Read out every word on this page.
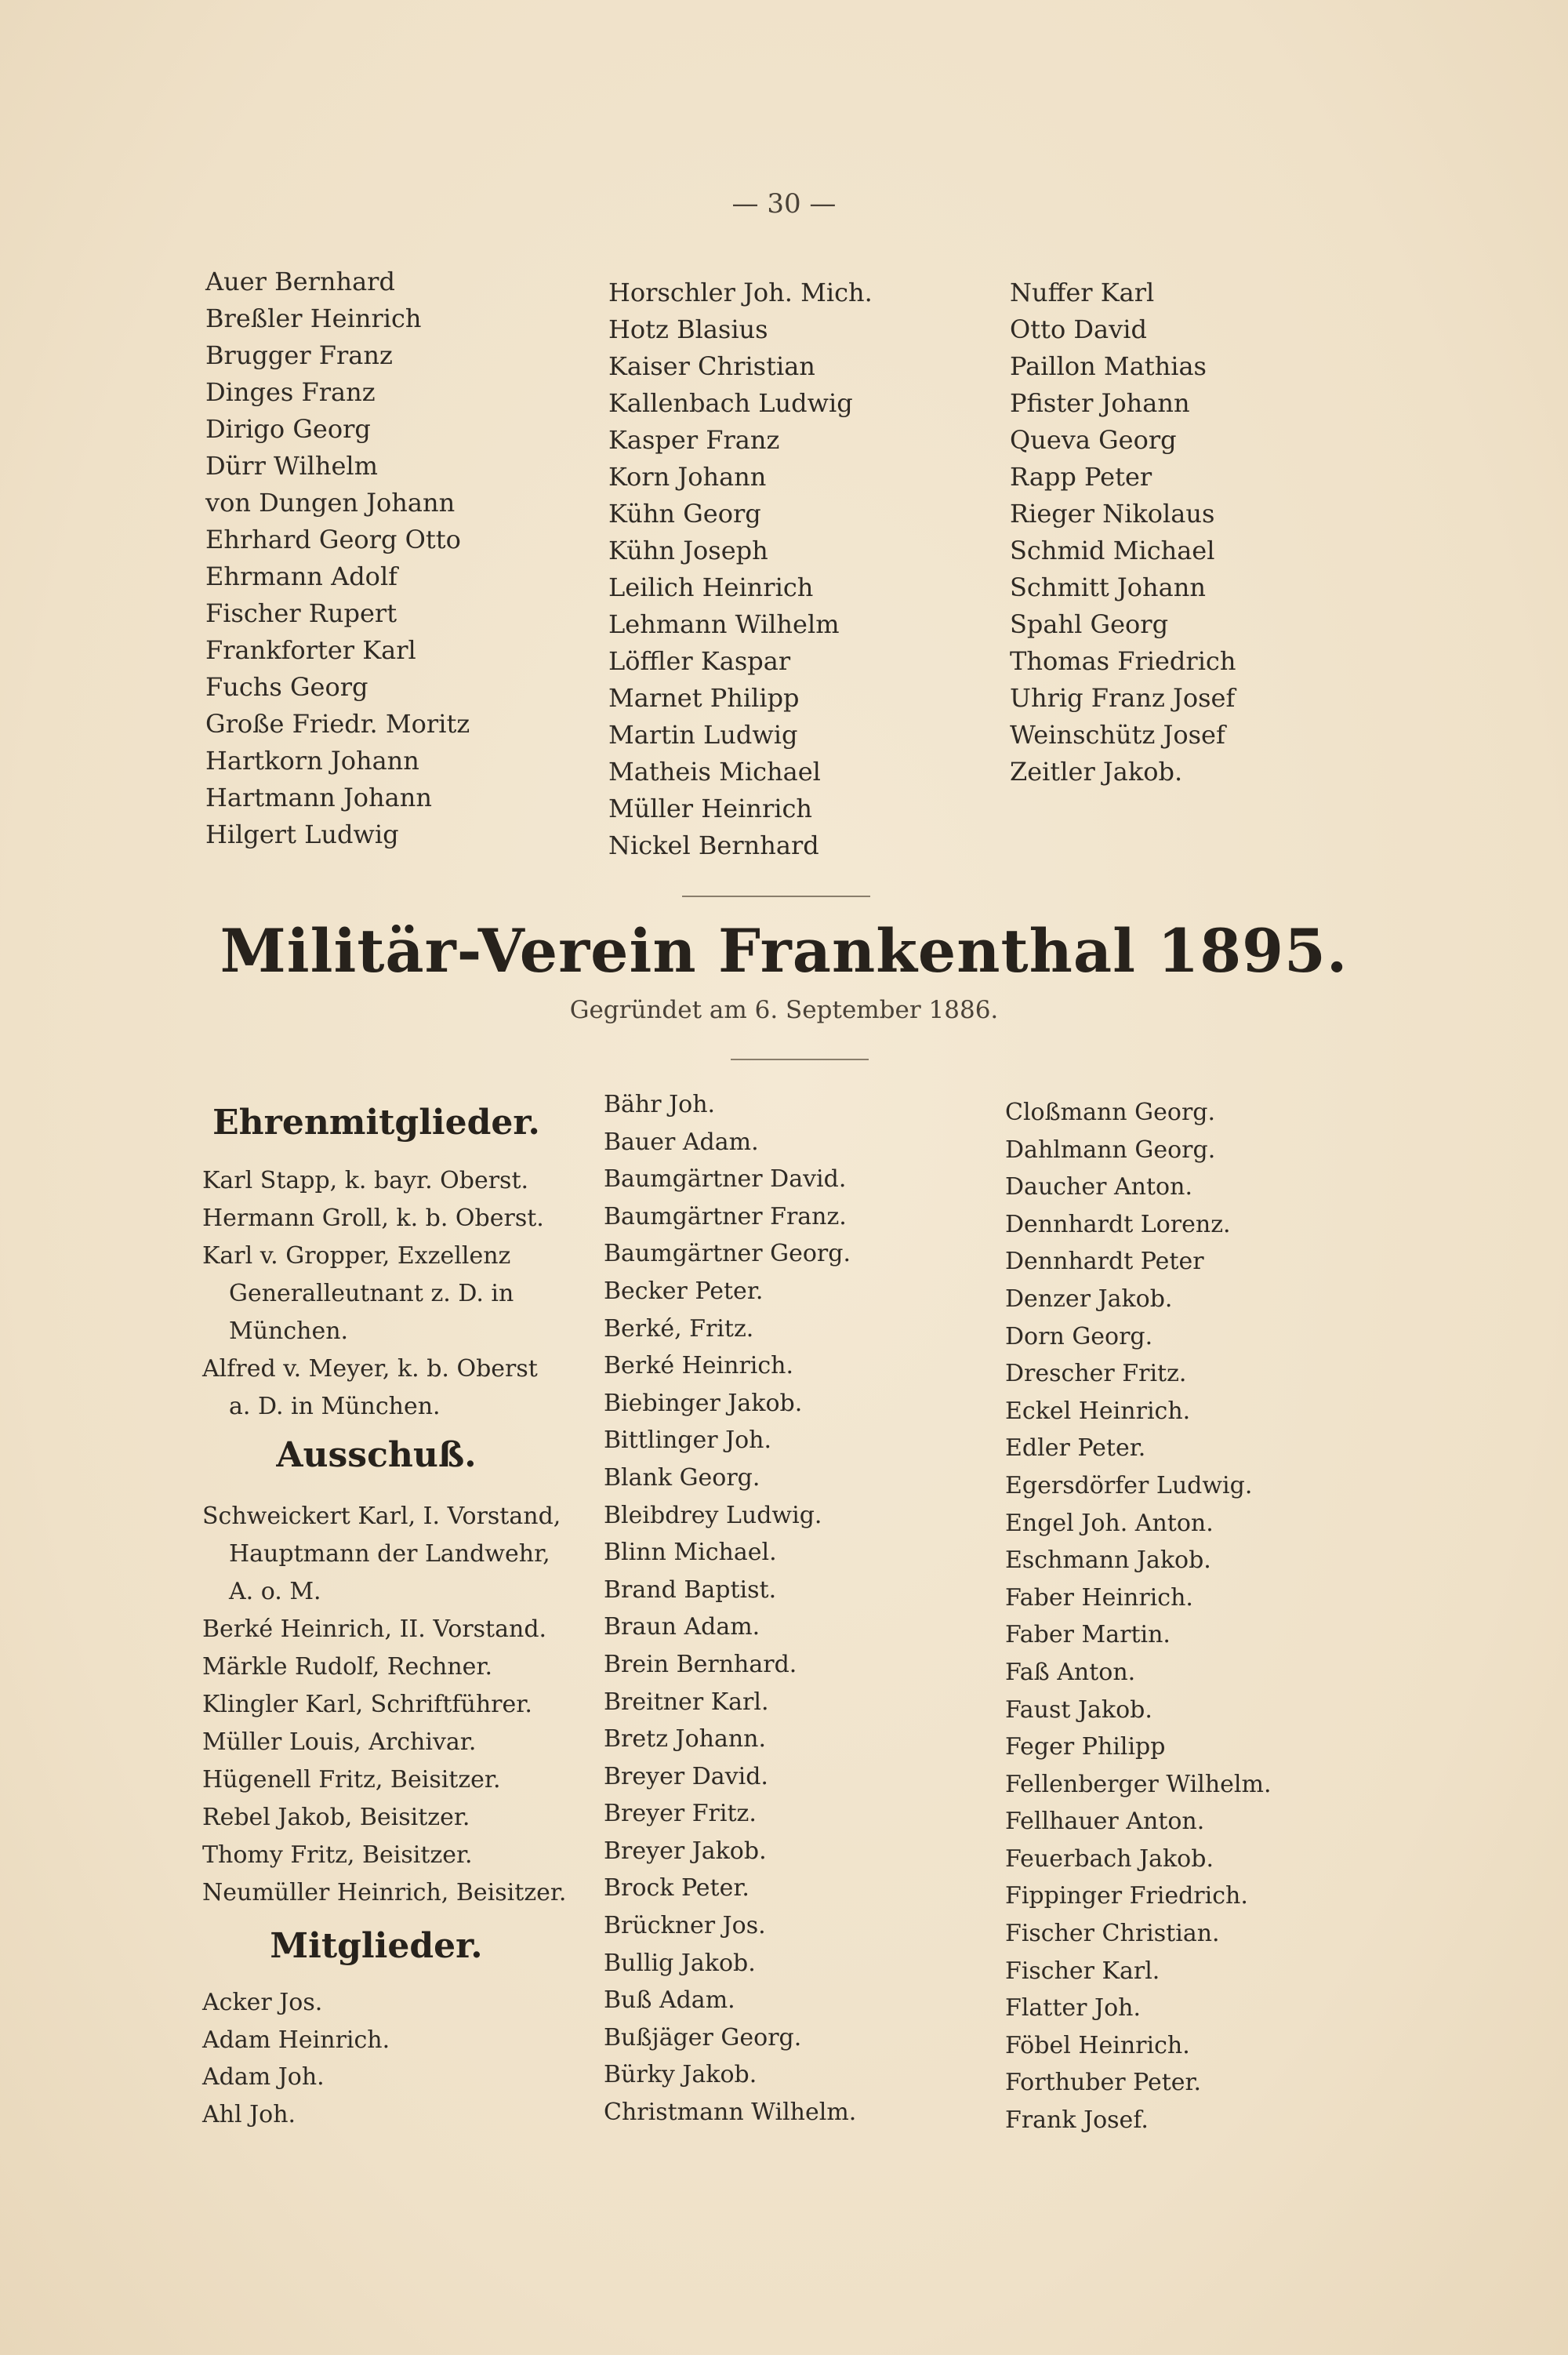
— 30 —
Auer Bernhard
Breßler Heinrich
Brugger Franz
Dinges Franz
Dirigo Georg
Dürr Wilhelm
von Dungen Johann
Ehrhard Georg Otto
Ehrmann Adolf
Fischer Rupert
Frankforter Karl
Fuchs Georg
Große Friedr. Moritz
Hartkorn Johann
Hartmann Johann
Hilgert Ludwig
Horschler Joh. Mich.
Hotz Blasius
Kaiser Christian
Kallenbach Ludwig
Kasper Franz
Korn Johann
Kühn Georg
Kühn Joseph
Leilich Heinrich
Lehmann Wilhelm
Löffler Kaspar
Marnet Philipp
Martin Ludwig
Matheis Michael
Müller Heinrich
Nickel Bernhard
Nuffer Karl
Otto David
Paillon Mathias
Pfister Johann
Queva Georg
Rapp Peter
Rieger Nikolaus
Schmid Michael
Schmitt Johann
Spahl Georg
Thomas Friedrich
Uhrig Franz Josef
Weinschütz Josef
Zeitler Jakob.
Militär-Verein Frankenthal 1895.
Gegründet am 6. September 1886.
Ehrenmitglieder.
Karl Stapp, k. bayr. Oberst.
Hermann Groll, k. b. Oberst.
Karl v. Gropper, Exzellenz
Generalleutnant z. D. in
München.
Alfred v. Meyer, k. b. Oberst
a. D. in München.
Ausschuß.
Schweickert Karl, I. Vorstand,
Hauptmann der Landwehr,
A. o. M.
Berké Heinrich, II. Vorstand.
Märkle Rudolf, Rechner.
Klingler Karl, Schriftführer.
Müller Louis, Archivar.
Hügenell Fritz, Beisitzer.
Rebel Jakob, Beisitzer.
Thomy Fritz, Beisitzer.
Neumüller Heinrich, Beisitzer.
Mitglieder.
Acker Jos.
Adam Heinrich.
Adam Joh.
Ahl Joh.
Bähr Joh.
Bauer Adam.
Baumgärtner David.
Baumgärtner Franz.
Baumgärtner Georg.
Becker Peter.
Berké, Fritz.
Berké Heinrich.
Biebinger Jakob.
Bittlinger Joh.
Blank Georg.
Bleibdrey Ludwig.
Blinn Michael.
Brand Baptist.
Braun Adam.
Brein Bernhard.
Breitner Karl.
Bretz Johann.
Breyer David.
Breyer Fritz.
Breyer Jakob.
Brock Peter.
Brückner Jos.
Bullig Jakob.
Buß Adam.
Bußjäger Georg.
Bürky Jakob.
Christmann Wilhelm.
Cloßmann Georg.
Dahlmann Georg.
Daucher Anton.
Dennhardt Lorenz.
Dennhardt Peter
Denzer Jakob.
Dorn Georg.
Drescher Fritz.
Eckel Heinrich.
Edler Peter.
Egersdörfer Ludwig.
Engel Joh. Anton.
Eschmann Jakob.
Faber Heinrich.
Faber Martin.
Faß Anton.
Faust Jakob.
Feger Philipp
Fellenberger Wilhelm.
Fellhauer Anton.
Feuerbach Jakob.
Fippinger Friedrich.
Fischer Christian.
Fischer Karl.
Flatter Joh.
Föbel Heinrich.
Forthuber Peter.
Frank Josef.
